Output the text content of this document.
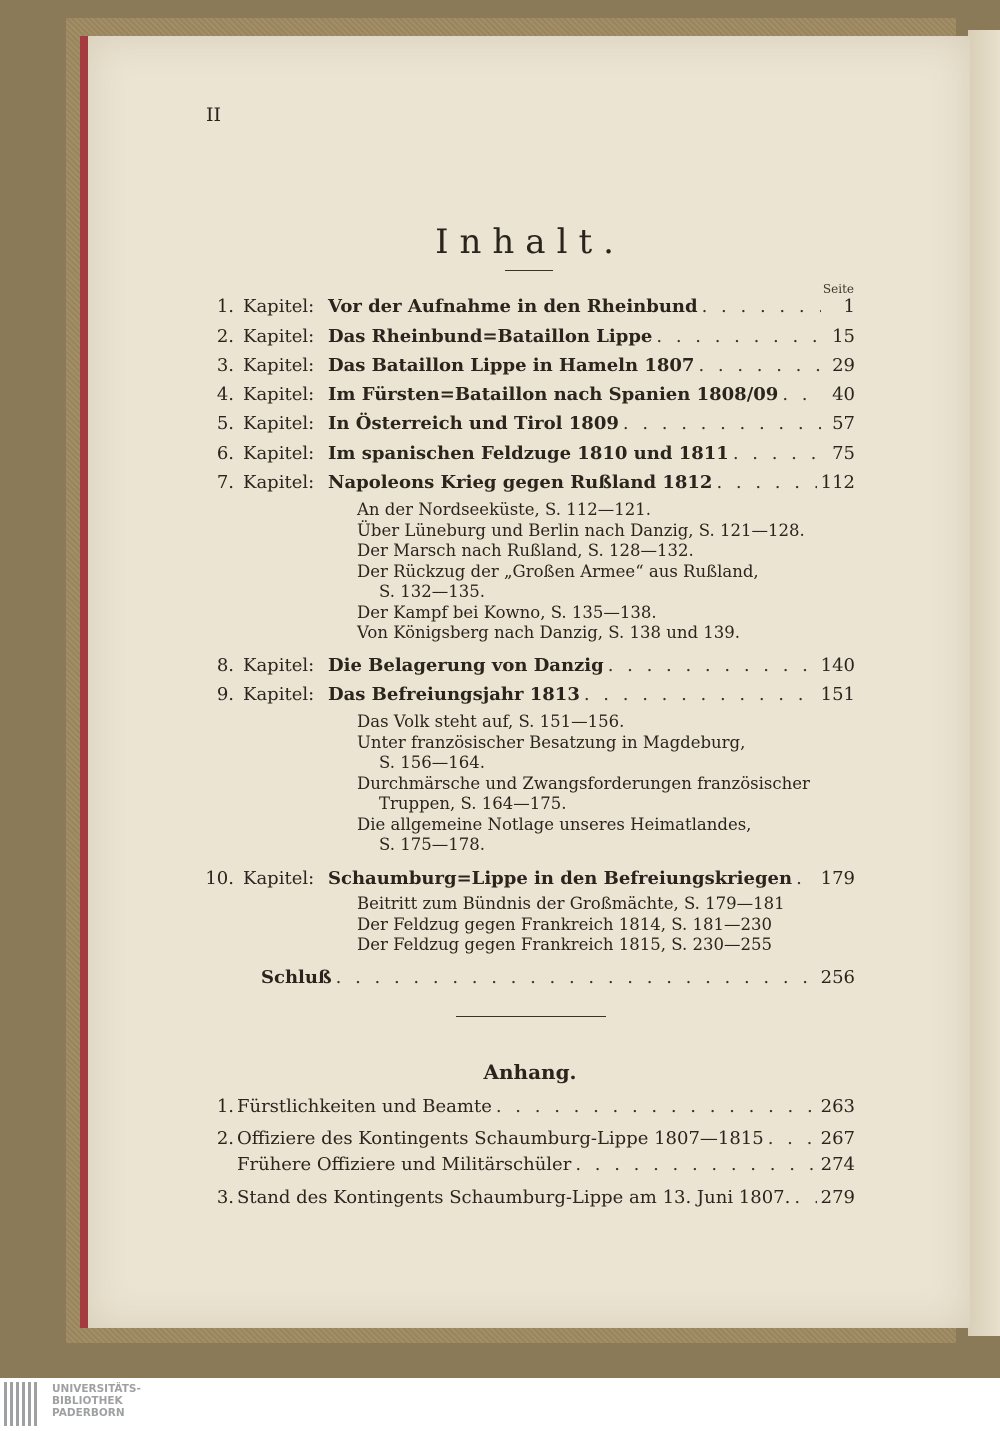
II
Inhalt.
Seite
1. Kapitel: Vor der Aufnahme in den Rheinbund . . .	1
2. Kapitel: Das Rheinbund=Bataillon Lippe . . .	15
3. Kapitel: Das Bataillon Lippe in Hameln 1807 . . .	29
4. Kapitel: Im Fürsten=Bataillon nach Spanien 1808/09 . . .	40
5. Kapitel: In Österreich und Tirol 1809 . . .	57
6. Kapitel: Im spanischen Feldzuge 1810 und 1811 . . .	75
7. Kapitel: Napoleons Krieg gegen Rußland 1812 . . .	112
An der Nordseeküste, S. 112—121.
Über Lüneburg und Berlin nach Danzig, S. 121—128.
Der Marsch nach Rußland, S. 128—132.
Der Rückzug der „Großen Armee“ aus Rußland,
S. 132—135.
Der Kampf bei Kowno, S. 135—138.
Von Königsberg nach Danzig, S. 138 und 139.
8. Kapitel: Die Belagerung von Danzig . . .	140
9. Kapitel: Das Befreiungsjahr 1813 . . .	151
Das Volk steht auf, S. 151—156.
Unter französischer Besatzung in Magdeburg,
S. 156—164.
Durchmärsche und Zwangsforderungen französischer
Truppen, S. 164—175.
Die allgemeine Notlage unseres Heimatlandes,
S. 175—178.
10. Kapitel: Schaumburg=Lippe in den Befreiungskriegen . . . 179
Beitritt zum Bündnis der Großmächte, S. 179—181
Der Feldzug gegen Frankreich 1814, S. 181—230
Der Feldzug gegen Frankreich 1815, S. 230—255
Schluß . . .	256
Anhang.
1. Fürstlichkeiten und Beamte . . .	263
2. Offiziere des Kontingents Schaumburg-Lippe 1807—1815 . . .	267
Frühere Offiziere und Militärschüler . . .	274
3. Stand des Kontingents Schaumburg-Lippe am 13. Juni 1807. . . . 279
UNIVERSITÄTS-
BIBLIOTHEK
PADERBORN
